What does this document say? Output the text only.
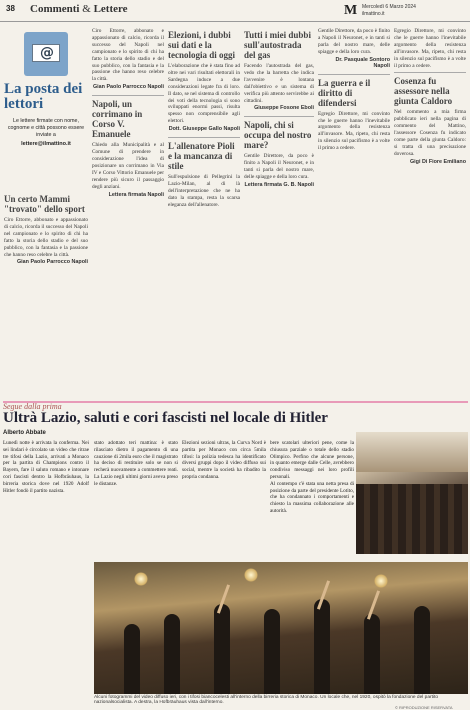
38 Commenti & Lettere	M Mercoledì 6 Marzo 2024
ilmattino.it
@
La posta dei lettori
Le lettere firmate con nome, cognome e città possono essere inviate a
lettere@ilmattino.it
Un certo Mammi "trovato" dello sport

Ciro Ettorre, abbonato e appassionato di calcio, ricorda il successo del Napoli nel campionato e lo spirito di chi ha fatto la storia dello stadio e del suo pubblico, con la fantasia e la passione che hanno reso celebre la città.

Gian Paolo Parrocco Napoli

Ciro Ettorre, abbonato e appassionato di calcio, ricorda il successo del Napoli nel campionato e lo spirito di chi ha fatto la storia dello stadio e del suo pubblico, con la fantasia e la passione che hanno reso celebre la città.

Gian Paolo Parrocco Napoli
Napoli, un corrimano in Corso V. Emanuele

Chiedo alla Municipalità e al Comune di prendere in considerazione l'idea di posizionare un corrimano in Via IV e Corso Vittorio Emanuele per rendere più sicuro il passaggio degli anziani.

Lettera firmata Napoli
Elezioni, i dubbi sui dati e la tecnologia di oggi

L'elaborazione che è stata fino ad oltre nei vari risultati elettorali in Sardegna induce a due considerazioni legate fra di loro. Il dato, se nel sistema di controllo dei voti della tecnologia si sono sviluppati enormi passi, risulta spesso non comprensibile agli elettori.

Dott. Giuseppe Gallo Napoli
L'allenatore Pioli e la mancanza di stile

Sull'espulsione di Pellegrini la Lazio-Milan, al di là dell'interpretazione che ne ha dato la stampa, resta la scarsa eleganza dell'allenatore.

Tutti i miei dubbi sull'autostrada del gas

Facendo l'autostrada del gas, vedo che la barretta che indica l'avvenire è lontana dall'obiettivo e un sistema di verifica più attento servirebbe ai cittadini.

Giuseppe Fosone Eboli
Napoli, chi si occupa del nostro mare?

Gentile Direttore, da poco è finito a Napoli il Neuronet, e in tanti si parla del nostro mare, delle spiagge e della loro cura.

Lettera firmata G. B. Napoli

Gentile Direttore, da poco è finito a Napoli il Neuronet, e in tanti si parla del nostro mare, delle spiagge e della loro cura.

Dr. Pasquale Sontoro Napoli
La guerra e il diritto di difendersi

Egregio Direttore, mi convinto che le guerre hanno l'inevitabile argomento della resistenza all'invasore. Ma, ripeto, chi resta in silenzio sul pacifismo è a volte il primo a cedere.

Egregio Direttore, mi convinto che le guerre hanno l'inevitabile argomento della resistenza all'invasore. Ma, ripeto, chi resta in silenzio sul pacifismo è a volte il primo a cedere.

Cosenza fu assessore nella giunta Caldoro

Nel commento a mia firma pubblicato ieri nella pagina di commento del Mattino, l'assessore Cosenza fu indicato come parte della giunta Caldoro: si tratta di una precisazione doverosa.

Gigi Di Fiore Emiliano
Segue dalla prima
Ultrà Lazio, saluti e cori fascisti nel locale di Hitler
Alberto Abbate

Lunedì notte è arrivata la conferma. Nei sei lindari è circolato un video che ritrae tre tifosi della Lazio, arrivati a Monaco per la partita di Champions contro il Bayern, fare il saluto romano e intonare cori fascisti dentro la Hofbräuhaus, la birreria storica dove nel 1920 Adolf Hitler fondò il partito nazista.

stato adottato teri mattina: è stato rilasciato dietro il pagamento di una cauzione di 2mila euro che il magistrato ha deciso di restituire solo se non si recherà nuovamente a commettere reati. La Lazio negli ultimi giorni aveva preso le distanze.

Elezioni sezioni ultras, la Curva Nord è partita per Monaco con circa 5mila tifosi: la polizia tedesca ha identificato diversi gruppi dopo il video diffuso sui social, mentre la società ha ribadito la propria condanna.

bere scatolari ulteriori pene, come la chiusura parziale o totale dello stadio Olimpico. Perfino che alcune persone, in quanto emerge dalle Celle, avrebbero condiviso messaggi nei loro profili personali.

Al contempo c'è stata una netta presa di posizione da parte del presidente Lotito, che ha condannato i comportamenti e chiesto la massima collaborazione alle autorità.

Alcuni fotogrammi del video diffuso ieri, con i tifosi biancocelesti all'interno della birreria storica di Monaco. Un locale che, nel 1920, ospitò la fondazione del partito nazionalsocialista. A destra, la Hofbräuhaus vista dall'interno.
© RIPRODUZIONE RISERVATA
